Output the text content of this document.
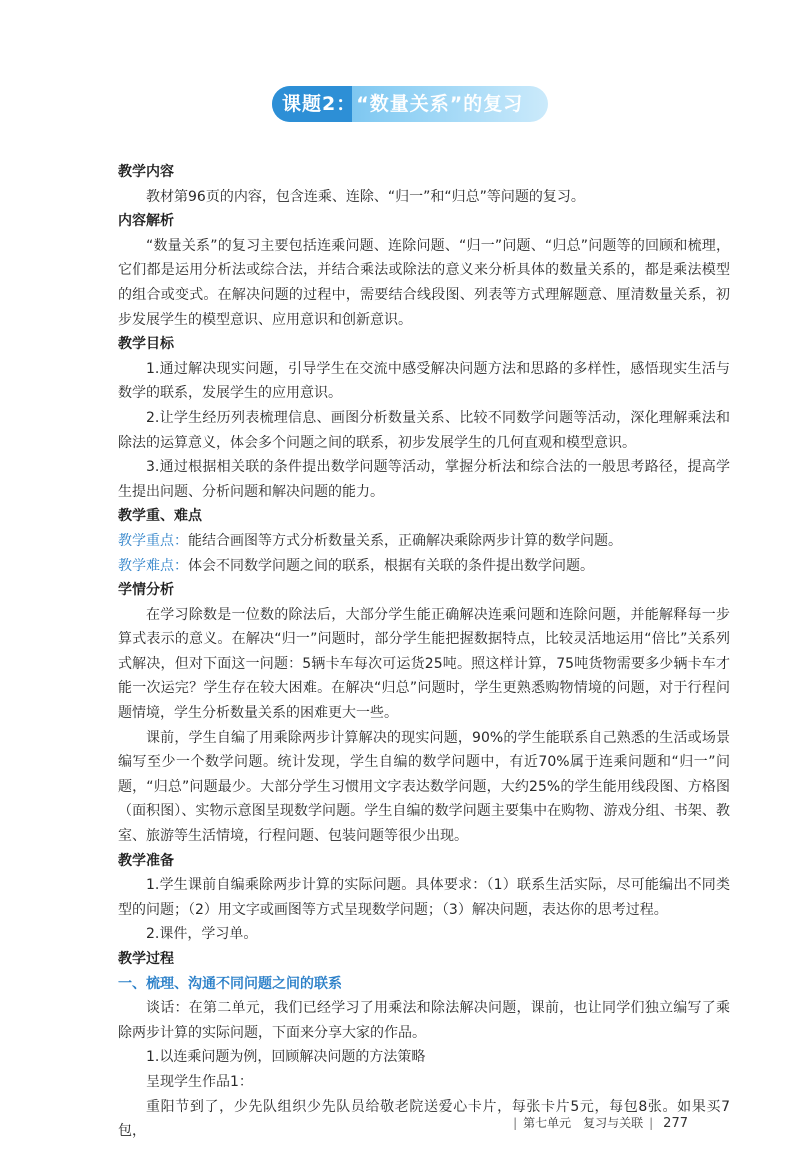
课题2：“数量关系”的复习

教学内容

教材第96页的内容，包含连乘、连除、“归一”和“归总”等问题的复习。

内容解析

“数量关系”的复习主要包括连乘问题、连除问题、“归一”问题、“归总”问题等的回顾和梳理，它们都是运用分析法或综合法，并结合乘法或除法的意义来分析具体的数量关系的，都是乘法模型的组合或变式。在解决问题的过程中，需要结合线段图、列表等方式理解题意、厘清数量关系，初步发展学生的模型意识、应用意识和创新意识。

教学目标

1.通过解决现实问题，引导学生在交流中感受解决问题方法和思路的多样性，感悟现实生活与数学的联系，发展学生的应用意识。

2.让学生经历列表梳理信息、画图分析数量关系、比较不同数学问题等活动，深化理解乘法和除法的运算意义，体会多个问题之间的联系，初步发展学生的几何直观和模型意识。

3.通过根据相关联的条件提出数学问题等活动，掌握分析法和综合法的一般思考路径，提高学生提出问题、分析问题和解决问题的能力。

教学重、难点

教学重点：能结合画图等方式分析数量关系，正确解决乘除两步计算的数学问题。

教学难点：体会不同数学问题之间的联系，根据有关联的条件提出数学问题。

学情分析

在学习除数是一位数的除法后，大部分学生能正确解决连乘问题和连除问题，并能解释每一步算式表示的意义。在解决“归一”问题时，部分学生能把握数据特点，比较灵活地运用“倍比”关系列式解决，但对下面这一问题：5辆卡车每次可运货25吨。照这样计算，75吨货物需要多少辆卡车才能一次运完？学生存在较大困难。在解决“归总”问题时，学生更熟悉购物情境的问题，对于行程问题情境，学生分析数量关系的困难更大一些。

课前，学生自编了用乘除两步计算解决的现实问题，90%的学生能联系自己熟悉的生活或场景编写至少一个数学问题。统计发现，学生自编的数学问题中，有近70%属于连乘问题和“归一”问题，“归总”问题最少。大部分学生习惯用文字表达数学问题，大约25%的学生能用线段图、方格图（面积图）、实物示意图呈现数学问题。学生自编的数学问题主要集中在购物、游戏分组、书架、教室、旅游等生活情境，行程问题、包装问题等很少出现。

教学准备

1.学生课前自编乘除两步计算的实际问题。具体要求：（1）联系生活实际，尽可能编出不同类型的问题；（2）用文字或画图等方式呈现数学问题；（3）解决问题，表达你的思考过程。

2.课件，学习单。

教学过程

一、梳理、沟通不同问题之间的联系

谈话：在第二单元，我们已经学习了用乘法和除法解决问题，课前，也让同学们独立编写了乘除两步计算的实际问题，下面来分享大家的作品。

1.以连乘问题为例，回顾解决问题的方法策略

呈现学生作品1：

重阳节到了，少先队组织少先队员给敬老院送爱心卡片，每张卡片5元，每包8张。如果买7包，

| 第七单元　复习与关联 | 277
